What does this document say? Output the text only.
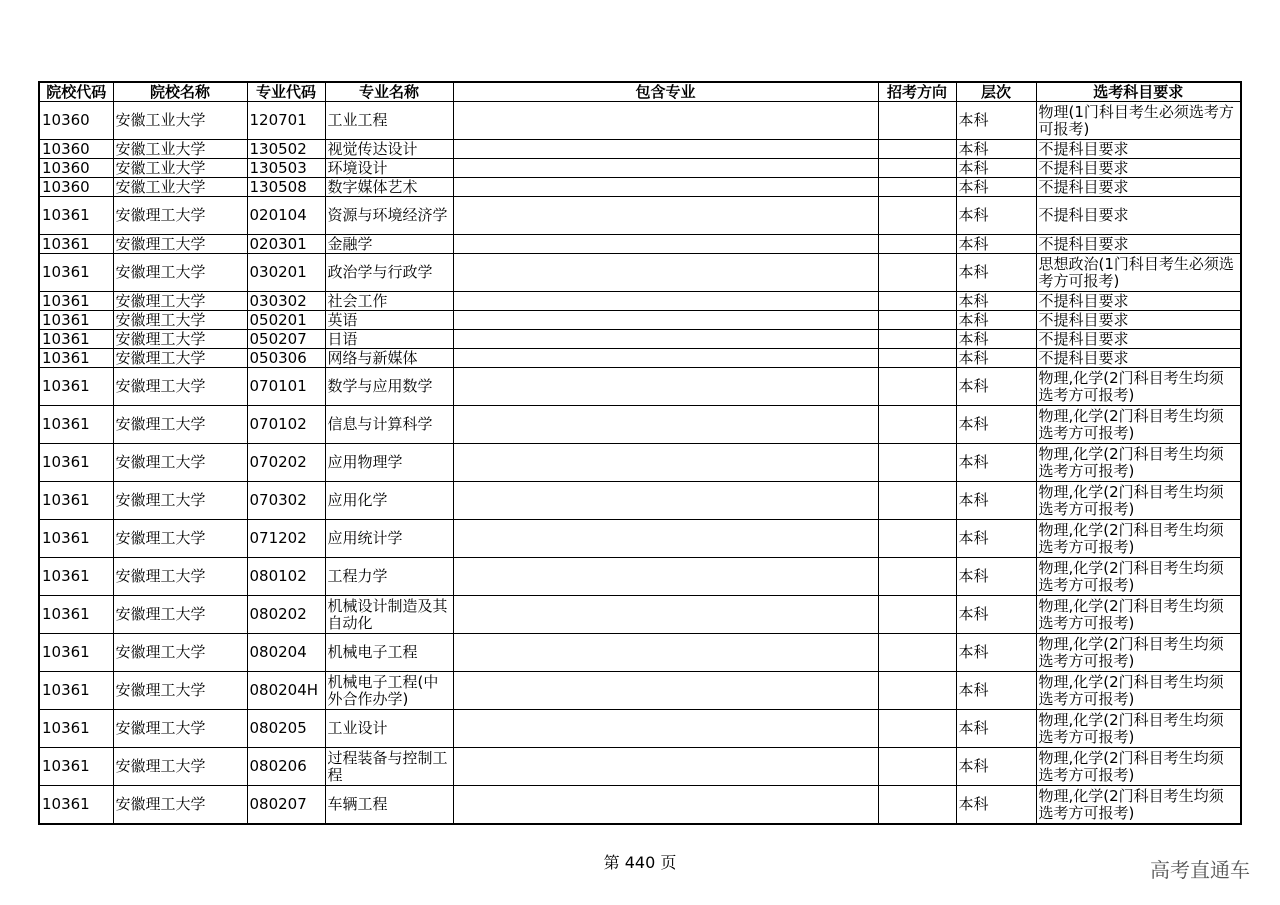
院校代码	院校名称	专业代码	专业名称	包含专业	招考方向	层次	选考科目要求
10360	安徽工业大学	120701	工业工程			本科	物理(1门科目考生必须选考方可报考)
10360	安徽工业大学	130502	视觉传达设计			本科	不提科目要求
10360	安徽工业大学	130503	环境设计			本科	不提科目要求
10360	安徽工业大学	130508	数字媒体艺术			本科	不提科目要求
10361	安徽理工大学	020104	资源与环境经济学			本科	不提科目要求
10361	安徽理工大学	020301	金融学			本科	不提科目要求
10361	安徽理工大学	030201	政治学与行政学			本科	思想政治(1门科目考生必须选考方可报考)
10361	安徽理工大学	030302	社会工作			本科	不提科目要求
10361	安徽理工大学	050201	英语			本科	不提科目要求
10361	安徽理工大学	050207	日语			本科	不提科目要求
10361	安徽理工大学	050306	网络与新媒体			本科	不提科目要求
10361	安徽理工大学	070101	数学与应用数学			本科	物理,化学(2门科目考生均须选考方可报考)
10361	安徽理工大学	070102	信息与计算科学			本科	物理,化学(2门科目考生均须选考方可报考)
10361	安徽理工大学	070202	应用物理学			本科	物理,化学(2门科目考生均须选考方可报考)
10361	安徽理工大学	070302	应用化学			本科	物理,化学(2门科目考生均须选考方可报考)
10361	安徽理工大学	071202	应用统计学			本科	物理,化学(2门科目考生均须选考方可报考)
10361	安徽理工大学	080102	工程力学			本科	物理,化学(2门科目考生均须选考方可报考)
10361	安徽理工大学	080202	机械设计制造及其自动化			本科	物理,化学(2门科目考生均须选考方可报考)
10361	安徽理工大学	080204	机械电子工程			本科	物理,化学(2门科目考生均须选考方可报考)
10361	安徽理工大学	080204H	机械电子工程(中外合作办学)			本科	物理,化学(2门科目考生均须选考方可报考)
10361	安徽理工大学	080205	工业设计			本科	物理,化学(2门科目考生均须选考方可报考)
10361	安徽理工大学	080206	过程装备与控制工程			本科	物理,化学(2门科目考生均须选考方可报考)
10361	安徽理工大学	080207	车辆工程			本科	物理,化学(2门科目考生均须选考方可报考)
第 440 页	高考直通车
